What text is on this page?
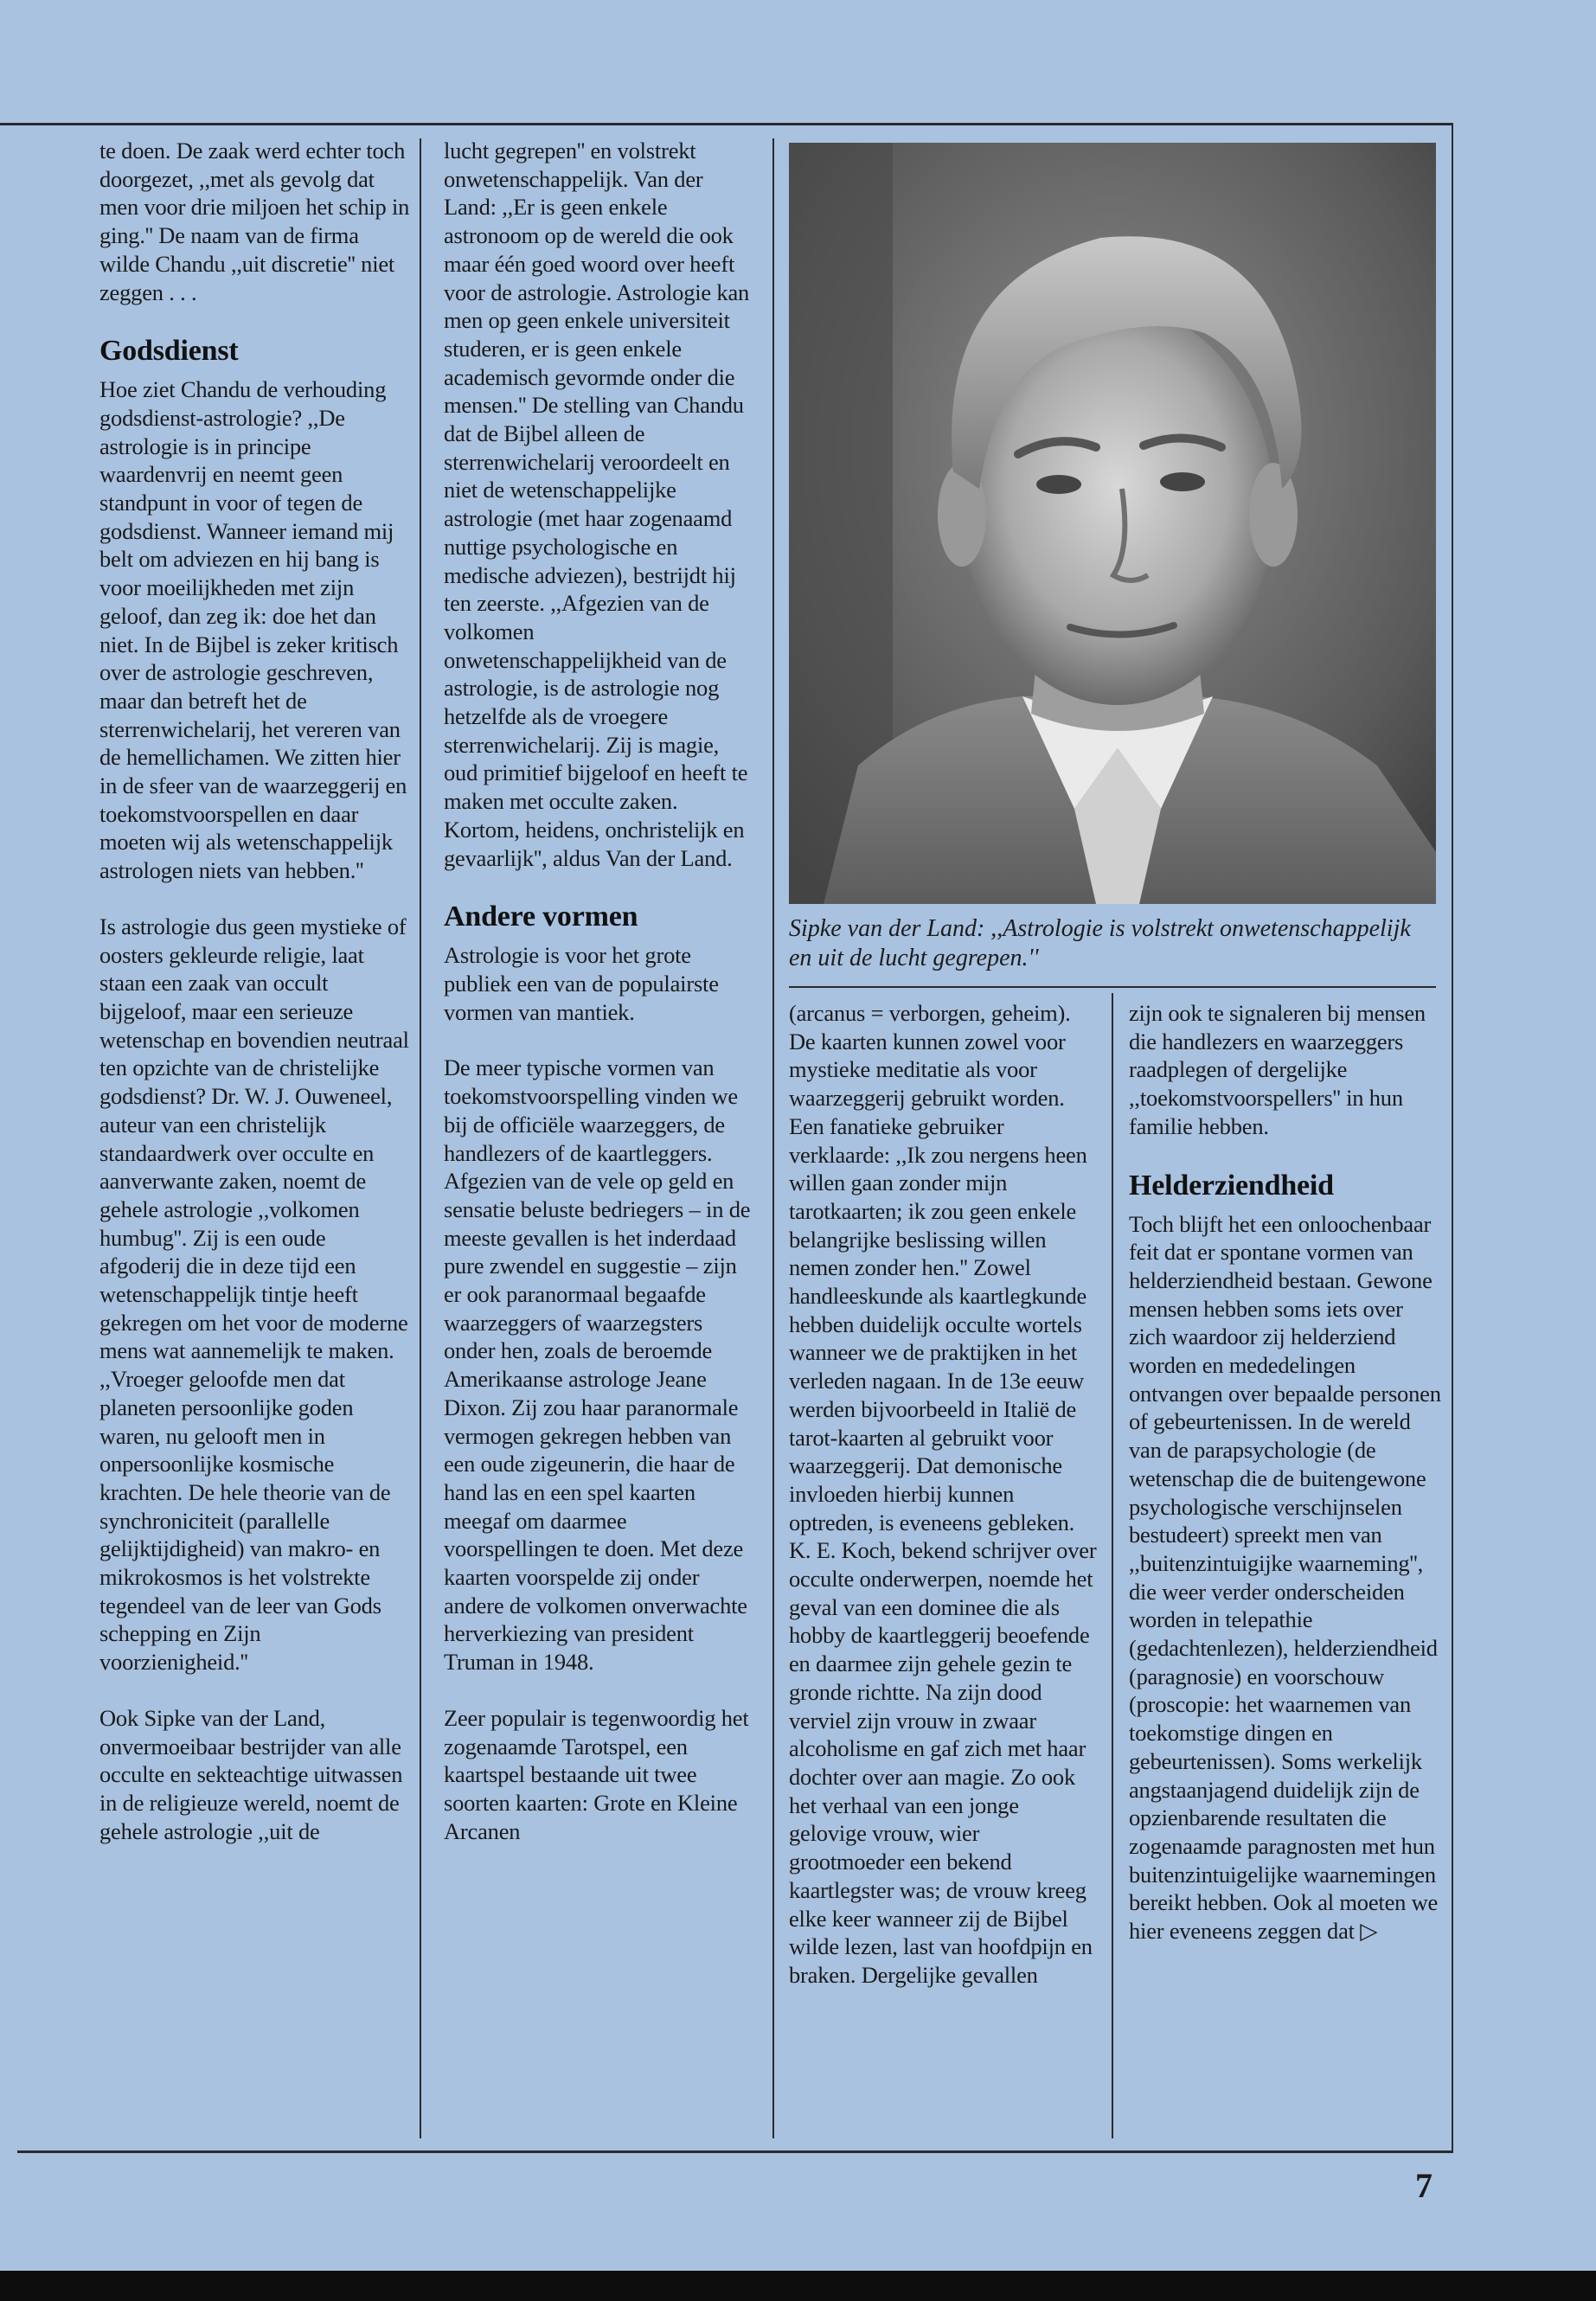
te doen. De zaak werd echter toch doorgezet, ,,met als gevolg dat men voor drie miljoen het schip in ging.'' De naam van de firma wilde Chandu ,,uit discretie'' niet zeggen . . .

Godsdienst

Hoe ziet Chandu de verhouding godsdienst-astrologie? ,,De astrologie is in principe waardenvrij en neemt geen standpunt in voor of tegen de godsdienst. Wanneer iemand mij belt om adviezen en hij bang is voor moeilijkheden met zijn geloof, dan zeg ik: doe het dan niet. In de Bijbel is zeker kritisch over de astrologie geschreven, maar dan betreft het de sterrenwichelarij, het vereren van de hemellichamen. We zitten hier in de sfeer van de waarzeggerij en toekomstvoorspellen en daar moeten wij als wetenschappelijk astrologen niets van hebben.''

Is astrologie dus geen mystieke of oosters gekleurde religie, laat staan een zaak van occult bijgeloof, maar een serieuze wetenschap en bovendien neutraal ten opzichte van de christelijke godsdienst? Dr. W. J. Ouweneel, auteur van een christelijk standaardwerk over occulte en aanverwante zaken, noemt de gehele astrologie ,,volkomen humbug''. Zij is een oude afgoderij die in deze tijd een wetenschappelijk tintje heeft gekregen om het voor de moderne mens wat aannemelijk te maken. ,,Vroeger geloofde men dat planeten persoonlijke goden waren, nu gelooft men in onpersoonlijke kosmische krachten. De hele theorie van de synchroniciteit (parallelle gelijktijdigheid) van makro- en mikrokosmos is het volstrekte tegendeel van de leer van Gods schepping en Zijn voorzienigheid.''

Ook Sipke van der Land, onvermoeibaar bestrijder van alle occulte en sekteachtige uitwassen in de religieuze wereld, noemt de gehele astrologie ,,uit de

lucht gegrepen'' en volstrekt onwetenschappelijk. Van der Land: ,,Er is geen enkele astronoom op de wereld die ook maar één goed woord over heeft voor de astrologie. Astrologie kan men op geen enkele universiteit studeren, er is geen enkele academisch gevormde onder die mensen.'' De stelling van Chandu dat de Bijbel alleen de sterrenwichelarij veroordeelt en niet de wetenschappelijke astrologie (met haar zogenaamd nuttige psychologische en medische adviezen), bestrijdt hij ten zeerste. ,,Afgezien van de volkomen onwetenschappelijkheid van de astrologie, is de astrologie nog hetzelfde als de vroegere sterrenwichelarij. Zij is magie, oud primitief bijgeloof en heeft te maken met occulte zaken. Kortom, heidens, onchristelijk en gevaarlijk'', aldus Van der Land.

Andere vormen

Astrologie is voor het grote publiek een van de populairste vormen van mantiek.

De meer typische vormen van toekomstvoorspelling vinden we bij de officiële waarzeggers, de handlezers of de kaartleggers. Afgezien van de vele op geld en sensatie beluste bedriegers – in de meeste gevallen is het inderdaad pure zwendel en suggestie – zijn er ook paranormaal begaafde waarzeggers of waarzegsters onder hen, zoals de beroemde Amerikaanse astrologe Jeane Dixon. Zij zou haar paranormale vermogen gekregen hebben van een oude zigeunerin, die haar de hand las en een spel kaarten meegaf om daarmee voorspellingen te doen. Met deze kaarten voorspelde zij onder andere de volkomen onverwachte herverkiezing van president Truman in 1948.

Zeer populair is tegenwoordig het zogenaamde Tarotspel, een kaartspel bestaande uit twee soorten kaarten: Grote en Kleine Arcanen

Sipke van der Land: ,,Astrologie is volstrekt onwetenschappelijk en uit de lucht gegrepen.''

(arcanus = verborgen, geheim). De kaarten kunnen zowel voor mystieke meditatie als voor waarzeggerij gebruikt worden. Een fanatieke gebruiker verklaarde: ,,Ik zou nergens heen willen gaan zonder mijn tarotkaarten; ik zou geen enkele belangrijke beslissing willen nemen zonder hen.'' Zowel handleeskunde als kaartlegkunde hebben duidelijk occulte wortels wanneer we de praktijken in het verleden nagaan. In de 13e eeuw werden bijvoorbeeld in Italië de tarot-kaarten al gebruikt voor waarzeggerij. Dat demonische invloeden hierbij kunnen optreden, is eveneens gebleken. K. E. Koch, bekend schrijver over occulte onderwerpen, noemde het geval van een dominee die als hobby de kaartleggerij beoefende en daarmee zijn gehele gezin te gronde richtte. Na zijn dood verviel zijn vrouw in zwaar alcoholisme en gaf zich met haar dochter over aan magie. Zo ook het verhaal van een jonge gelovige vrouw, wier grootmoeder een bekend kaartlegster was; de vrouw kreeg elke keer wanneer zij de Bijbel wilde lezen, last van hoofdpijn en braken. Dergelijke gevallen

zijn ook te signaleren bij mensen die handlezers en waarzeggers raadplegen of dergelijke ,,toekomstvoorspellers'' in hun familie hebben.

Helderziendheid

Toch blijft het een onloochenbaar feit dat er spontane vormen van helderziendheid bestaan. Gewone mensen hebben soms iets over zich waardoor zij helderziend worden en mededelingen ontvangen over bepaalde personen of gebeurtenissen. In de wereld van de parapsychologie (de wetenschap die de buitengewone psychologische verschijnselen bestudeert) spreekt men van ,,buitenzintuigijke waarneming'', die weer verder onderscheiden worden in telepathie (gedachtenlezen), helderziendheid (paragnosie) en voorschouw (proscopie: het waarnemen van toekomstige dingen en gebeurtenissen). Soms werkelijk angstaanjagend duidelijk zijn de opzienbarende resultaten die zogenaamde paragnosten met hun buitenzintuigelijke waarnemingen bereikt hebben. Ook al moeten we hier eveneens zeggen dat ▷

7
